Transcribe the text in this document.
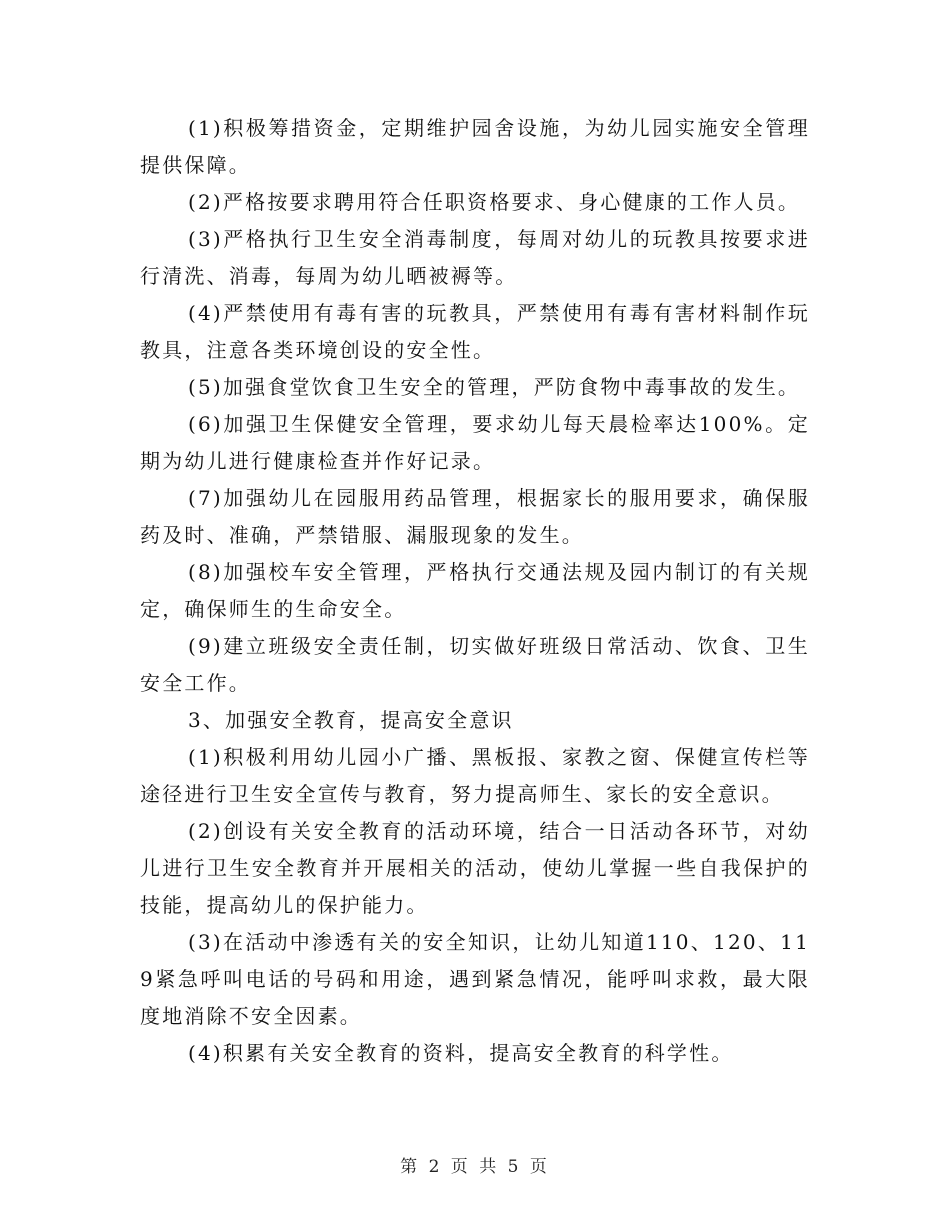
(1)积极筹措资金，定期维护园舍设施，为幼儿园实施安全管理提供保障。

(2)严格按要求聘用符合任职资格要求、身心健康的工作人员。

(3)严格执行卫生安全消毒制度，每周对幼儿的玩教具按要求进行清洗、消毒，每周为幼儿晒被褥等。

(4)严禁使用有毒有害的玩教具，严禁使用有毒有害材料制作玩教具，注意各类环境创设的安全性。

(5)加强食堂饮食卫生安全的管理，严防食物中毒事故的发生。

(6)加强卫生保健安全管理，要求幼儿每天晨检率达100%。定期为幼儿进行健康检查并作好记录。

(7)加强幼儿在园服用药品管理，根据家长的服用要求，确保服药及时、准确，严禁错服、漏服现象的发生。

(8)加强校车安全管理，严格执行交通法规及园内制订的有关规定，确保师生的生命安全。

(9)建立班级安全责任制，切实做好班级日常活动、饮食、卫生安全工作。

3、加强安全教育，提高安全意识

(1)积极利用幼儿园小广播、黑板报、家教之窗、保健宣传栏等途径进行卫生安全宣传与教育，努力提高师生、家长的安全意识。

(2)创设有关安全教育的活动环境，结合一日活动各环节，对幼儿进行卫生安全教育并开展相关的活动，使幼儿掌握一些自我保护的技能，提高幼儿的保护能力。

(3)在活动中渗透有关的安全知识，让幼儿知道110、120、119紧急呼叫电话的号码和用途，遇到紧急情况，能呼叫求救，最大限度地消除不安全因素。

(4)积累有关安全教育的资料，提高安全教育的科学性。

第 2 页 共 5 页
